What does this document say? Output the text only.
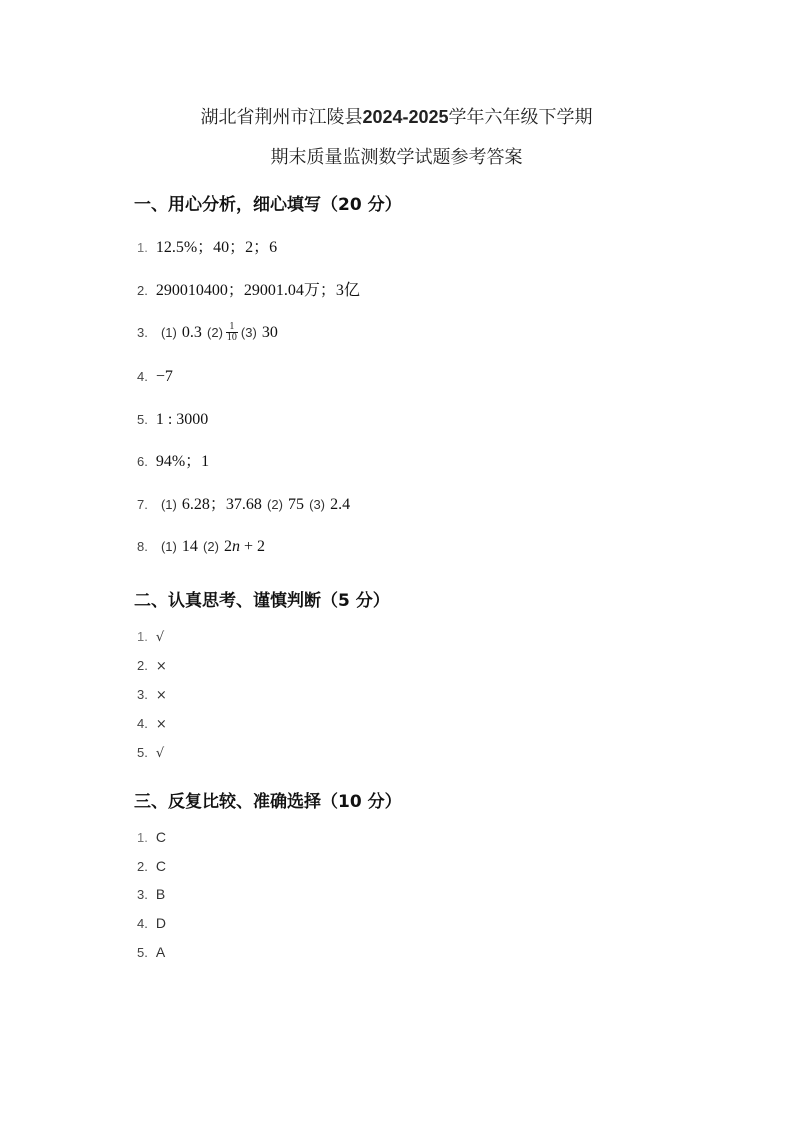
湖北省荆州市江陵县2024-2025学年六年级下学期
期末质量监测数学试题参考答案
一、用心分析，细心填写（20 分）
1. 12.5%；40；2；6
2. 290010400；29001.04万；3亿
3. (1) 0.3 $(2) \frac{1}{10} (3)$ 30
4. −7
5. 1 : 3000
6. 94%；1
7. (1) 6.28；37.68 (2) 75 (3) 2.4
8. (1) 14 (2) 2n + 2
二、认真思考、谨慎判断（5 分）
1. √
2. ×
3. ×
4. ×
5. √
三、反复比较、准确选择（10 分）
1. C
2. C
3. B
4. D
5. A
